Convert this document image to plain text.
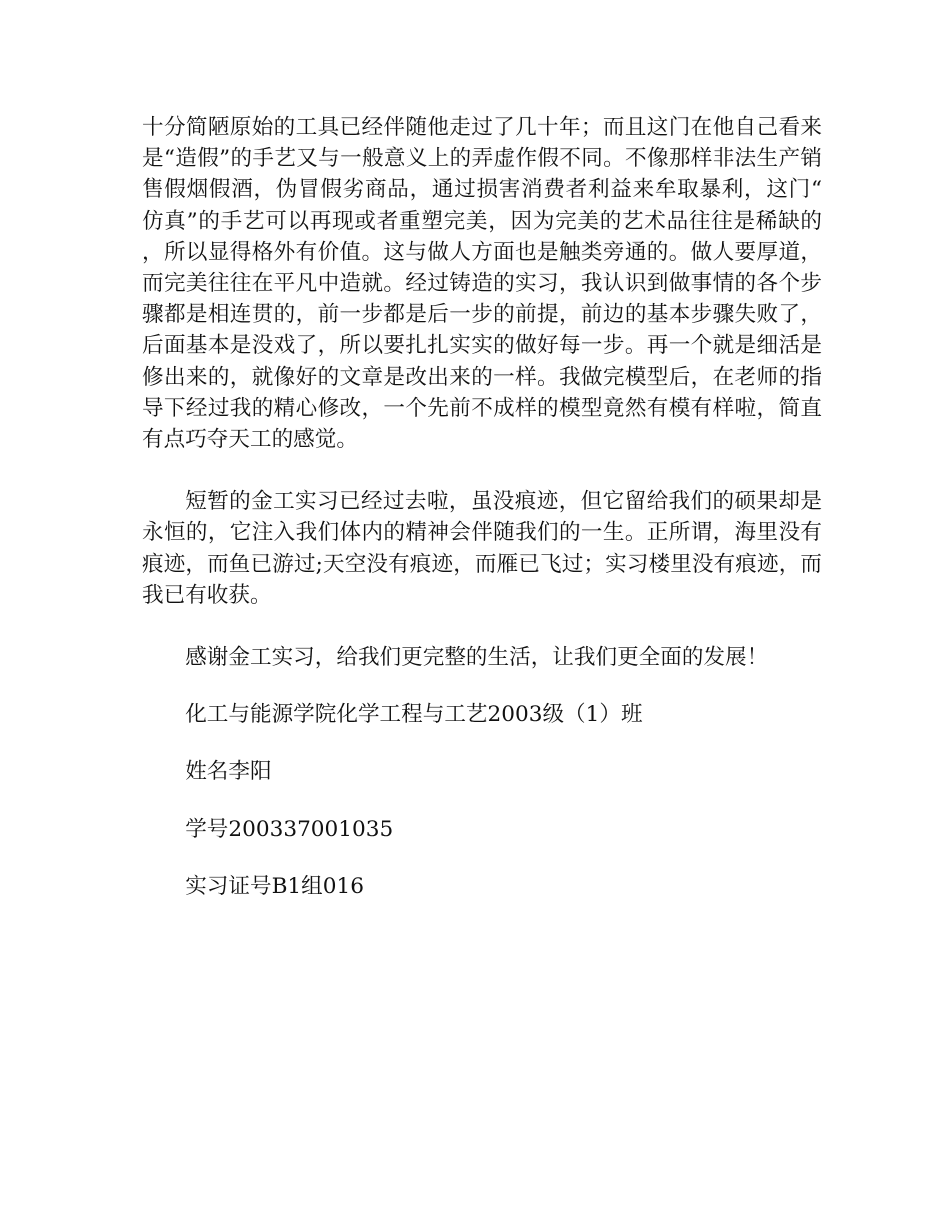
十分简陋原始的工具已经伴随他走过了几十年；而且这门在他自己看来是“造假”的手艺又与一般意义上的弄虚作假不同。不像那样非法生产销售假烟假酒，伪冒假劣商品，通过损害消费者利益来牟取暴利，这门“仿真”的手艺可以再现或者重塑完美，因为完美的艺术品往往是稀缺的，所以显得格外有价值。这与做人方面也是触类旁通的。做人要厚道，而完美往往在平凡中造就。经过铸造的实习，我认识到做事情的各个步骤都是相连贯的，前一步都是后一步的前提，前边的基本步骤失败了，后面基本是没戏了，所以要扎扎实实的做好每一步。再一个就是细活是修出来的，就像好的文章是改出来的一样。我做完模型后，在老师的指导下经过我的精心修改，一个先前不成样的模型竟然有模有样啦，简直有点巧夺天工的感觉。

短暂的金工实习已经过去啦，虽没痕迹，但它留给我们的硕果却是永恒的，它注入我们体内的精神会伴随我们的一生。正所谓，海里没有痕迹，而鱼已游过;天空没有痕迹，而雁已飞过；实习楼里没有痕迹，而我已有收获。

感谢金工实习，给我们更完整的生活，让我们更全面的发展！

化工与能源学院化学工程与工艺2003级（1）班

姓名李阳

学号200337001035

实习证号B1组016
